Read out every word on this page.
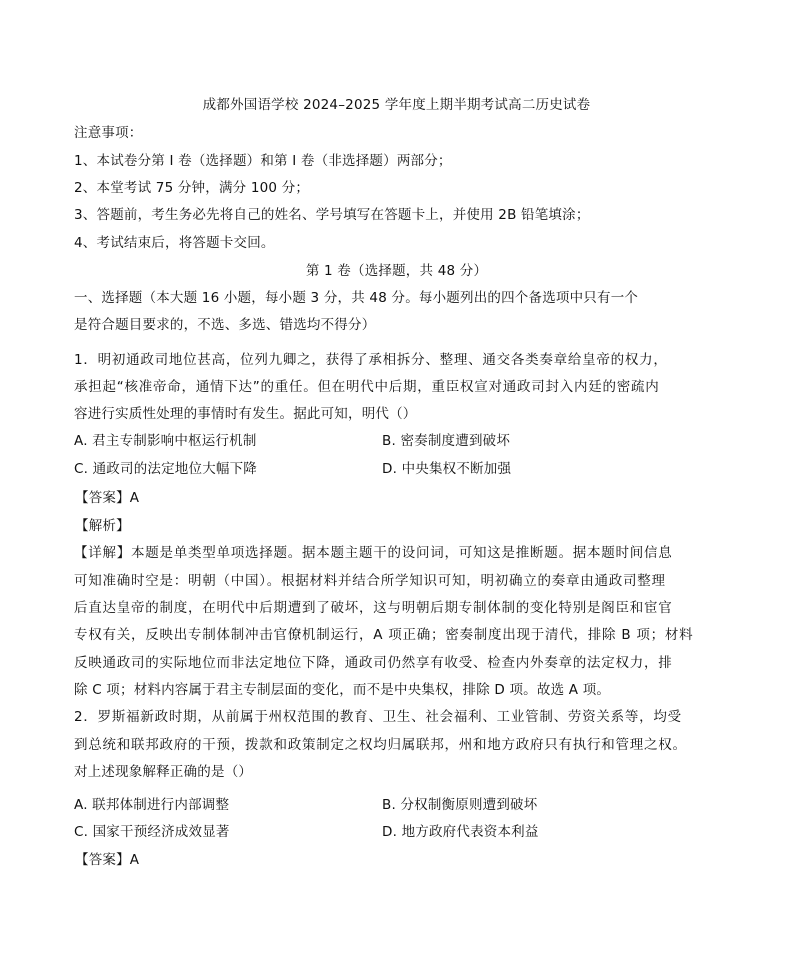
成都外国语学校 2024–2025 学年度上期半期考试高二历史试卷
注意事项：
1、本试卷分第 I 卷（选择题）和第 I 卷（非选择题）两部分；
2、本堂考试 75 分钟，满分 100 分；
3、答题前，考生务必先将自己的姓名、学号填写在答题卡上，并使用 2B 铅笔填涂；
4、考试结束后，将答题卡交回。
第 1 卷（选择题，共 48 分）
一、选择题（本大题 16 小题，每小题 3 分，共 48 分。每小题列出的四个备选项中只有一个
是符合题目要求的，不选、多选、错选均不得分）
1．明初通政司地位甚高，位列九卿之，获得了承相拆分、整理、通交各类奏章给皇帝的权力，
承担起“核准帝命，通情下达”的重任。但在明代中后期，重臣权宣对通政司封入内廷的密疏内
容进行实质性处理的事情时有发生。据此可知，明代（）
A. 君主专制影响中枢运行机制	B. 密奏制度遭到破坏
C. 通政司的法定地位大幅下降	D. 中央集权不断加强
【答案】A
【解析】
【详解】本题是单类型单项选择题。据本题主题干的设问词，可知这是推断题。据本题时间信息
可知准确时空是：明朝（中国）。根据材料并结合所学知识可知，明初确立的奏章由通政司整理
后直达皇帝的制度，在明代中后期遭到了破坏，这与明朝后期专制体制的变化特别是阁臣和宦官
专权有关，反映出专制体制冲击官僚机制运行，A 项正确；密奏制度出现于清代，排除 B 项；材料
反映通政司的实际地位而非法定地位下降，通政司仍然享有收受、检查内外奏章的法定权力，排
除 C 项；材料内容属于君主专制层面的变化，而不是中央集权，排除 D 项。故选 A 项。
2．罗斯福新政时期，从前属于州权范围的教育、卫生、社会福利、工业管制、劳资关系等，均受
到总统和联邦政府的干预，拨款和政策制定之权均归属联邦，州和地方政府只有执行和管理之权。
对上述现象解释正确的是（）
A. 联邦体制进行内部调整	B. 分权制衡原则遭到破坏
C. 国家干预经济成效显著	D. 地方政府代表资本利益
【答案】A
